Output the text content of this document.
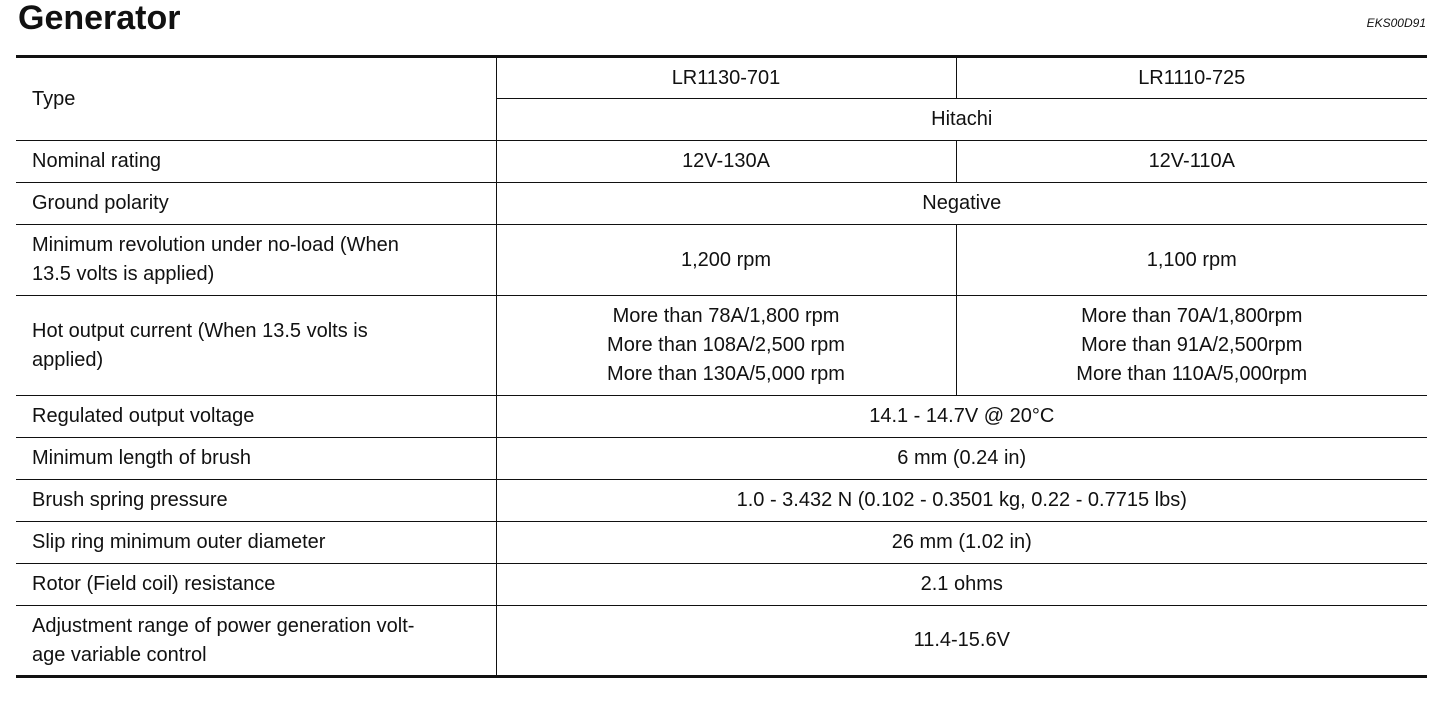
Generator	EKS00D91
Type	LR1130-701	LR1110-725
	Hitachi	
Nominal rating	12V-130A	12V-110A
Ground polarity	Negative	

Minimum revolution under no-load (When
13.5 volts is applied)	1,200 rpm	1,100 rpm

Hot output current (When 13.5 volts is
applied)	More than 78A/1,800 rpm
More than 108A/2,500 rpm
More than 130A/5,000 rpm	More than 70A/1,800rpm
More than 91A/2,500rpm
More than 110A/5,000rpm

Regulated output voltage	14.1 - 14.7V @ 20°C	
Minimum length of brush	6 mm (0.24 in)	
Brush spring pressure	1.0 - 3.432 N (0.102 - 0.3501 kg, 0.22 - 0.7715 lbs)	
Slip ring minimum outer diameter	26 mm (1.02 in)	
Rotor (Field coil) resistance	2.1 ohms	

Adjustment range of power generation volt-
age variable control	11.4-15.6V	
